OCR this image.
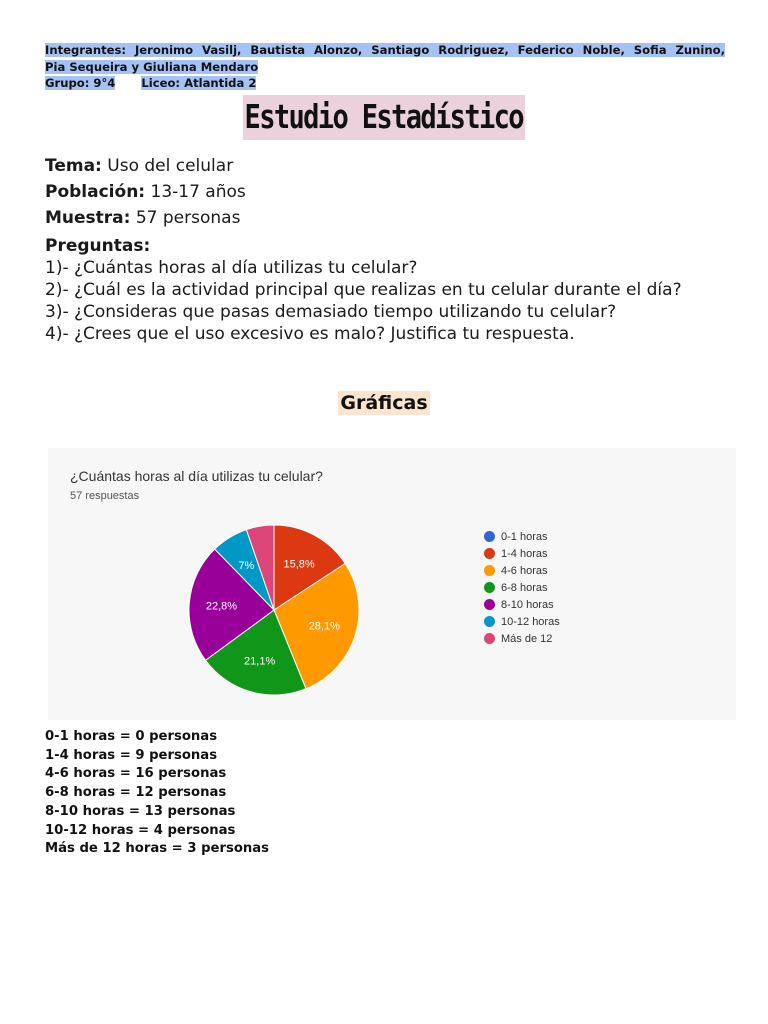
Integrantes: Jeronimo Vasilj, Bautista Alonzo, Santiago Rodriguez, Federico Noble, Sofia Zunino,
Pia Sequeira y Giuliana Mendaro
Grupo: 9°4 Liceo: Atlantida 2
Estudio Estadístico
Tema: Uso del celular
Población: 13-17 años
Muestra: 57 personas
Preguntas:
1)- ¿Cuántas horas al día utilizas tu celular?
2)- ¿Cuál es la actividad principal que realizas en tu celular durante el día?
3)- ¿Consideras que pasas demasiado tiempo utilizando tu celular?
4)- ¿Crees que el uso excesivo es malo? Justifica tu respuesta.
Gráficas
¿Cuántas horas al día utilizas tu celular?
57 respuestas
15,8%
28,1%
21,1%
22,8%
7%
0-1 horas
1-4 horas
4-6 horas
6-8 horas
8-10 horas
10-12 horas
Más de 12
0-1 horas = 0 personas
1-4 horas = 9 personas
4-6 horas = 16 personas
6-8 horas = 12 personas
8-10 horas = 13 personas
10-12 horas = 4 personas
Más de 12 horas = 3 personas
